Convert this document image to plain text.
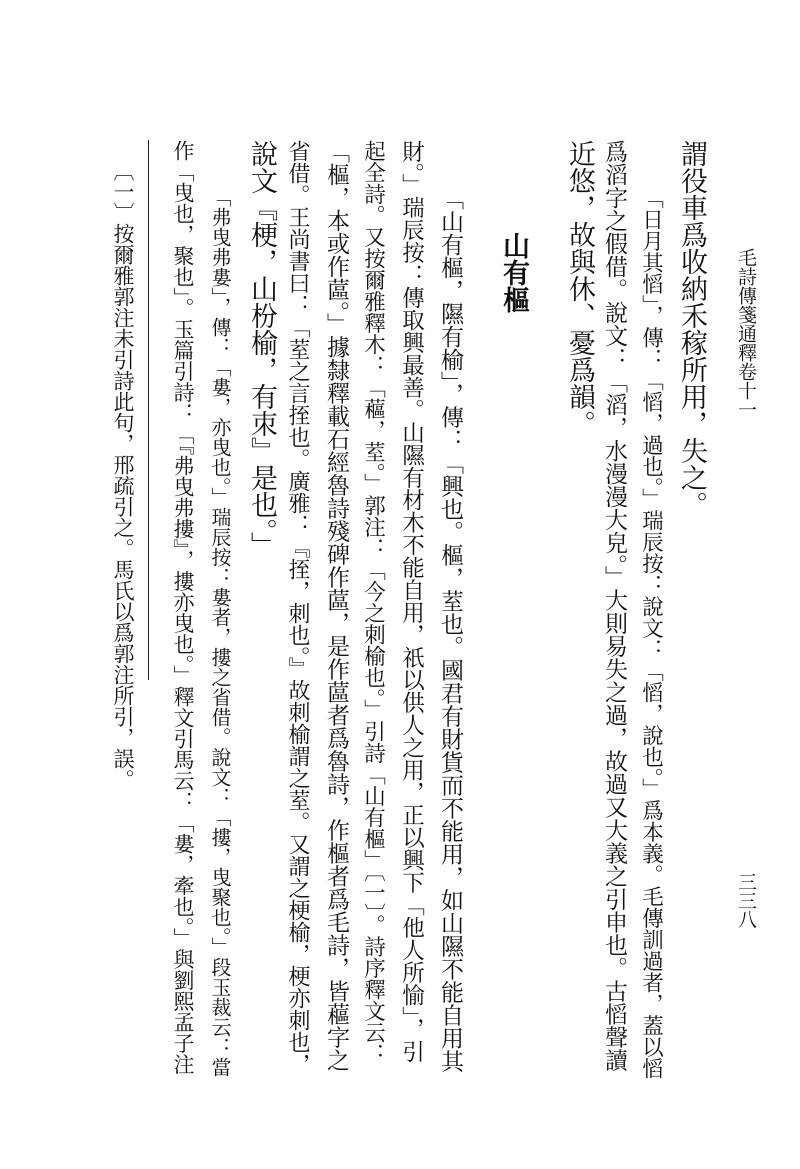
毛詩傳箋通釋卷十一
三三八
謂役車爲收納禾稼所用，失之。
「日月其慆」，傳：「慆，過也。」瑞辰按：說文：「慆，說也。」爲本義。毛傳訓過者，蓋以慆
爲滔字之假借。說文：「滔，水漫漫大皃。」大則易失之過，故過又大義之引申也。古慆聲讀
近悠，故與休、憂爲韻。
山有樞
「山有樞，隰有榆」，傳：「興也。樞，荎也。國君有財貨而不能用，如山隰不能自用其
財。」瑞辰按：傳取興最善。山隰有材木不能自用，祇以供人之用，正以興下「他人所愉」，引
起全詩。又按爾雅釋木：「藲，荎。」郭注：「今之刺榆也。」引詩「山有樞」〔一〕。詩序釋文云：
「樞，本或作蓲。」據隸釋載石經魯詩殘碑作蓲，是作蓲者爲魯詩，作樞者爲毛詩，皆藲字之
省借。王尚書曰：「荎之言挃也。廣雅：『挃，刺也。』故刺榆謂之荎。又謂之梗榆，梗亦刺也，
說文『梗，山枌榆，有朿』是也。」
「弗曳弗婁」，傳：「婁，亦曳也。」瑞辰按：婁者，摟之省借。說文：「摟，曳聚也。」段玉裁云：當
作「曳也，聚也」。玉篇引詩：「『弗曳弗摟』，摟亦曳也。」釋文引馬云：「婁，牽也。」與劉熙孟子注
〔一〕按爾雅郭注未引詩此句，邢疏引之。馬氏以爲郭注所引，誤。
